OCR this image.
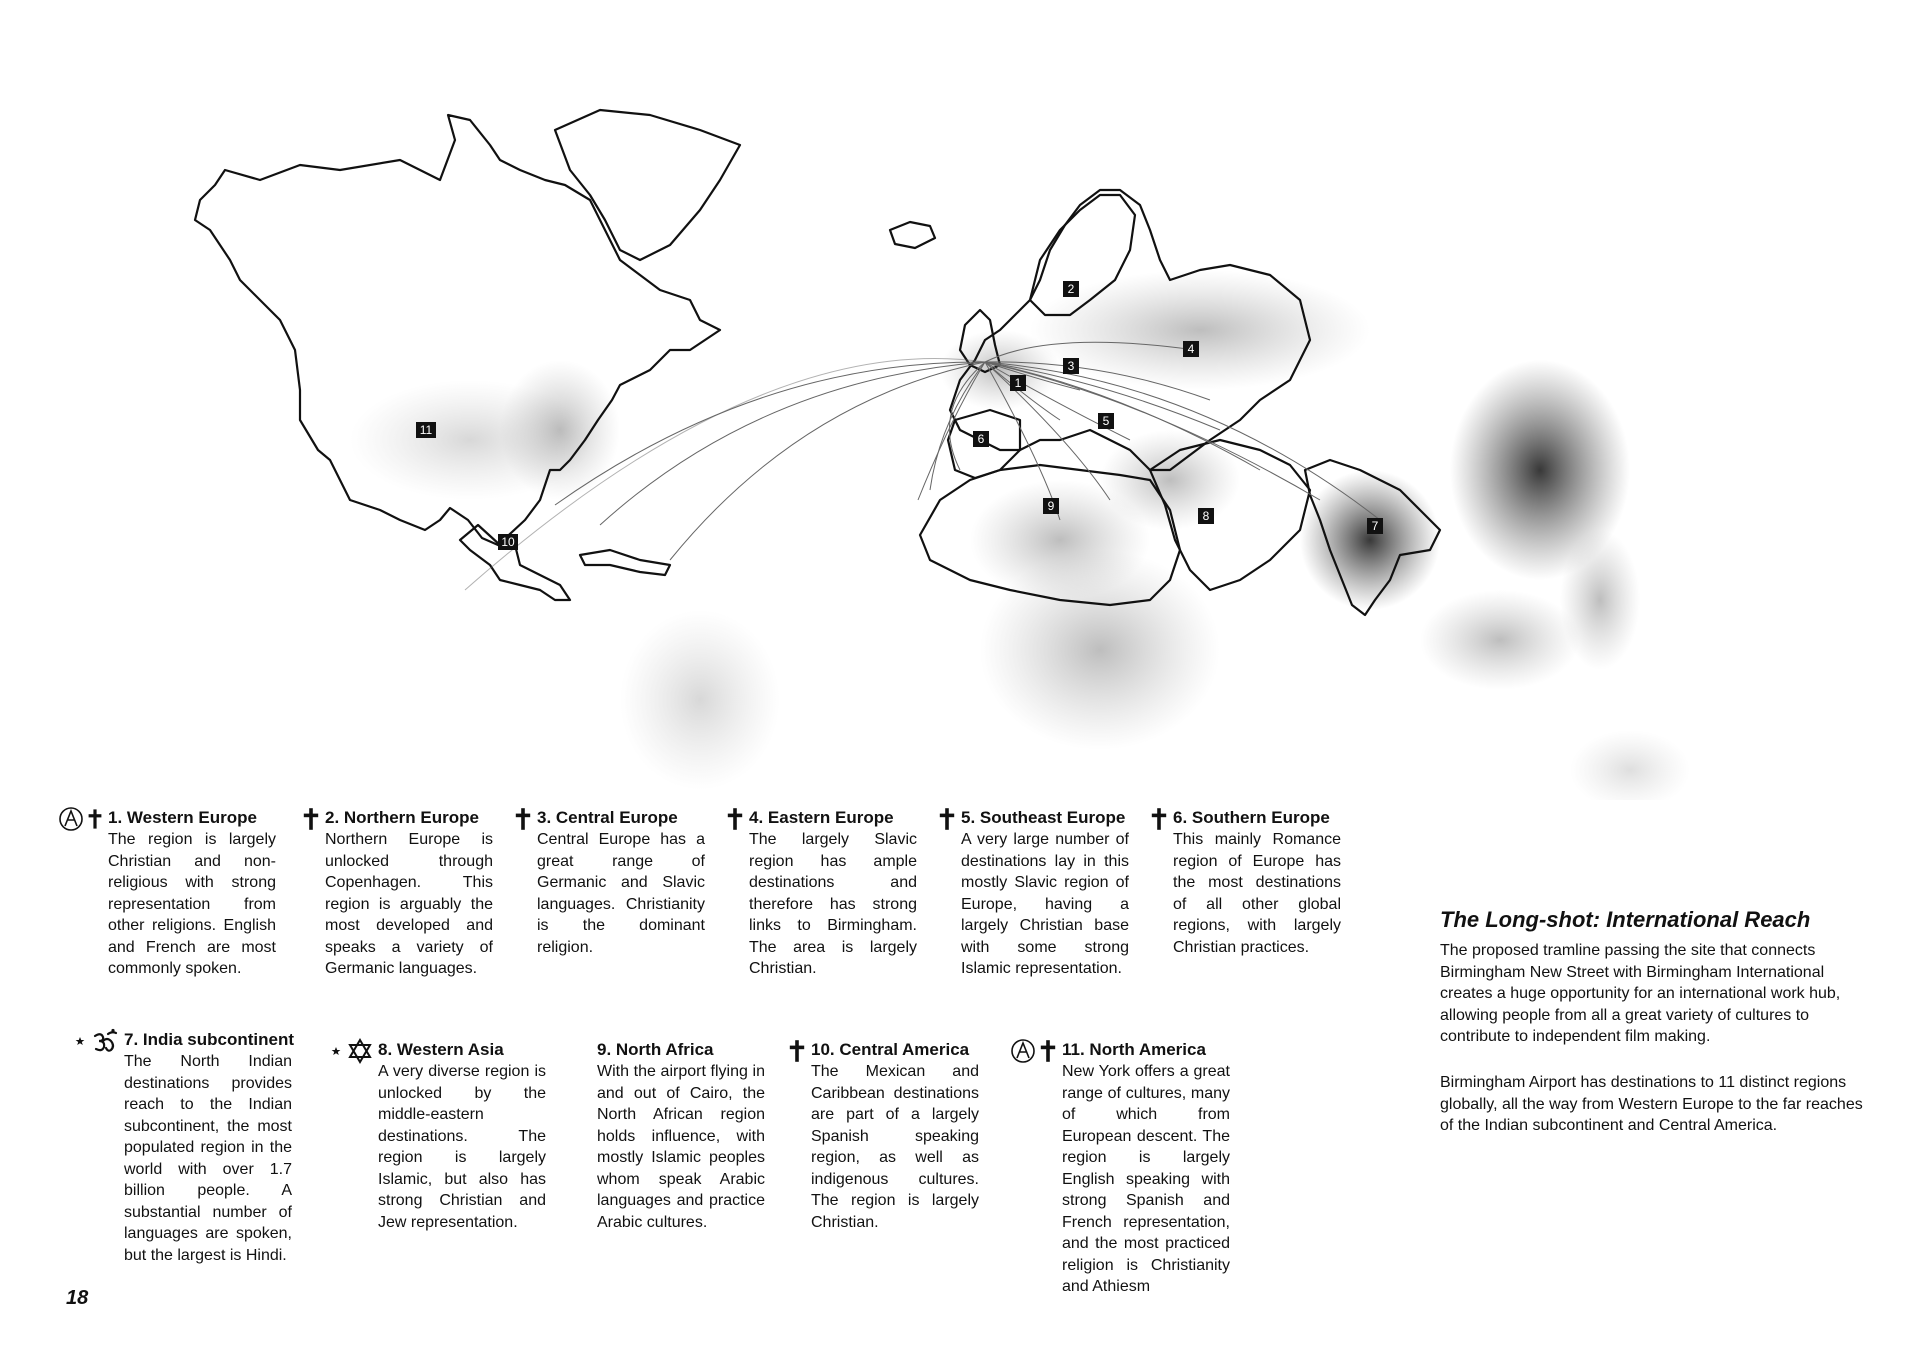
1
2
3
4
5
6
7
8
9
10
11
1. Western Europe
The region is largely Christian and non-religious with strong representation from other religions. English and French are most commonly spoken.
2. Northern Europe
Northern Europe is unlocked through Copenhagen. This region is arguably the most developed and speaks a variety of Germanic languages.
3. Central Europe
Central Europe has a great range of Germanic and Slavic languages. Christianity is the dominant religion.
4. Eastern Europe
The largely Slavic region has ample destinations and therefore has strong links to Birmingham. The area is largely Christian.
5. Southeast Europe
A very large number of destinations lay in this mostly Slavic region of Europe, having a largely Christian base with some strong Islamic representation.
6. Southern Europe
This mainly Romance region of Europe has the most destinations of all other global regions, with largely Christian practices.
7. India subcontinent
The North Indian destinations provides reach to the Indian subcontinent, the most populated region in the world with over 1.7 billion people. A substantial number of languages are spoken, but the largest is Hindi.
8. Western Asia
A very diverse region is unlocked by the middle-eastern destinations. The region is largely Islamic, but also has strong Christian and Jew representation.
9. North Africa
With the airport flying in and out of Cairo, the North African region holds influence, with mostly Islamic peoples whom speak Arabic languages and practice Arabic cultures.
10. Central America
The Mexican and Caribbean destinations are part of a largely Spanish speaking region, as well as indigenous cultures. The region is largely Christian.
11. North America
New York offers a great range of cultures, many of which from European descent. The region is largely English speaking with strong Spanish and French representation, and the most practiced religion is Christianity and Athiesm
The Long-shot: International Reach
The proposed tramline passing the site that connects Birmingham New Street with Birmingham International creates a huge opportunity for an international work hub, allowing people from all a great variety of cultures to contribute to independent film making.
Birmingham Airport has destinations to 11 distinct regions globally, all the way from Western Europe to the far reaches of the Indian subcontinent and Central America.
18
